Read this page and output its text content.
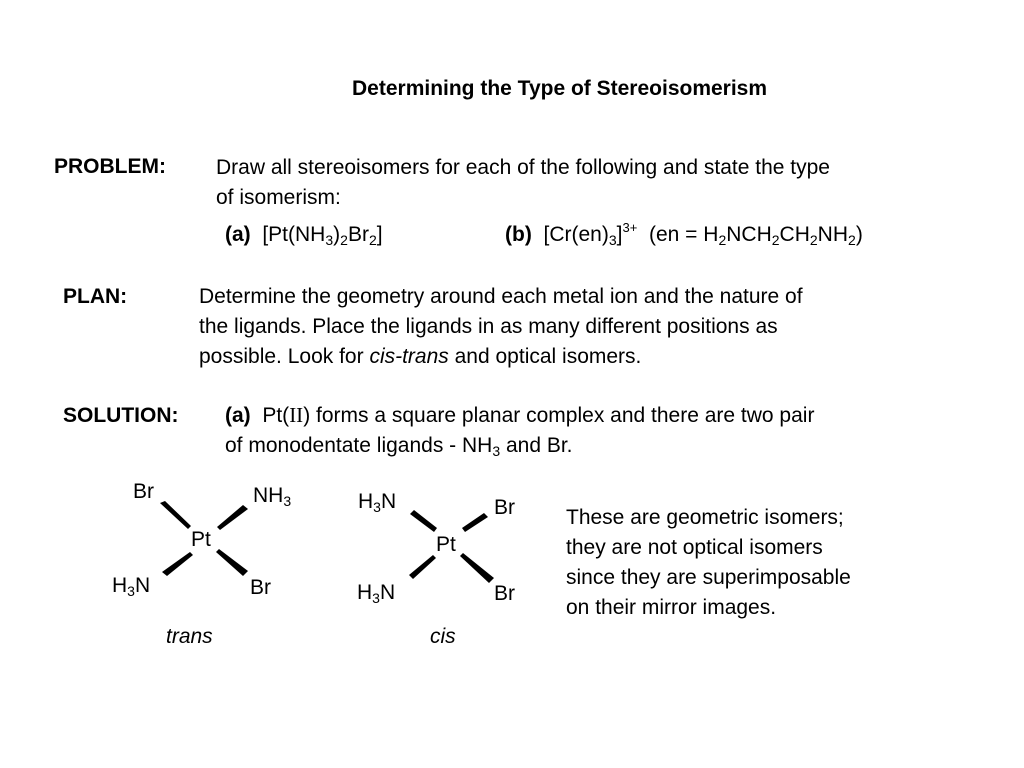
Determining the Type of Stereoisomerism
PROBLEM: Draw all stereoisomers for each of the following and state the type
of isomerism:
(a) $[Pt(NH_3)_2Br_2]$	(b) $[Cr(en)_3]^{3+}$ $(en = H_2NCH_2CH_2NH_2)$
PLAN:	Determine the geometry around each metal ion and the nature of
the ligands. Place the ligands in as many different positions as
possible. Look for cis-trans and optical isomers.
SOLUTION: (a) Pt(II) forms a square planar complex and there are two pair
of monodentate ligands - $NH_3$ and Br.
Pt
Br	$NH_3$
$H_3N$	Br
trans
Pt
$H_3N$	Br
$H_3N$	Br
cis
These are geometric isomers;
they are not optical isomers
since they are superimposable
on their mirror images.
